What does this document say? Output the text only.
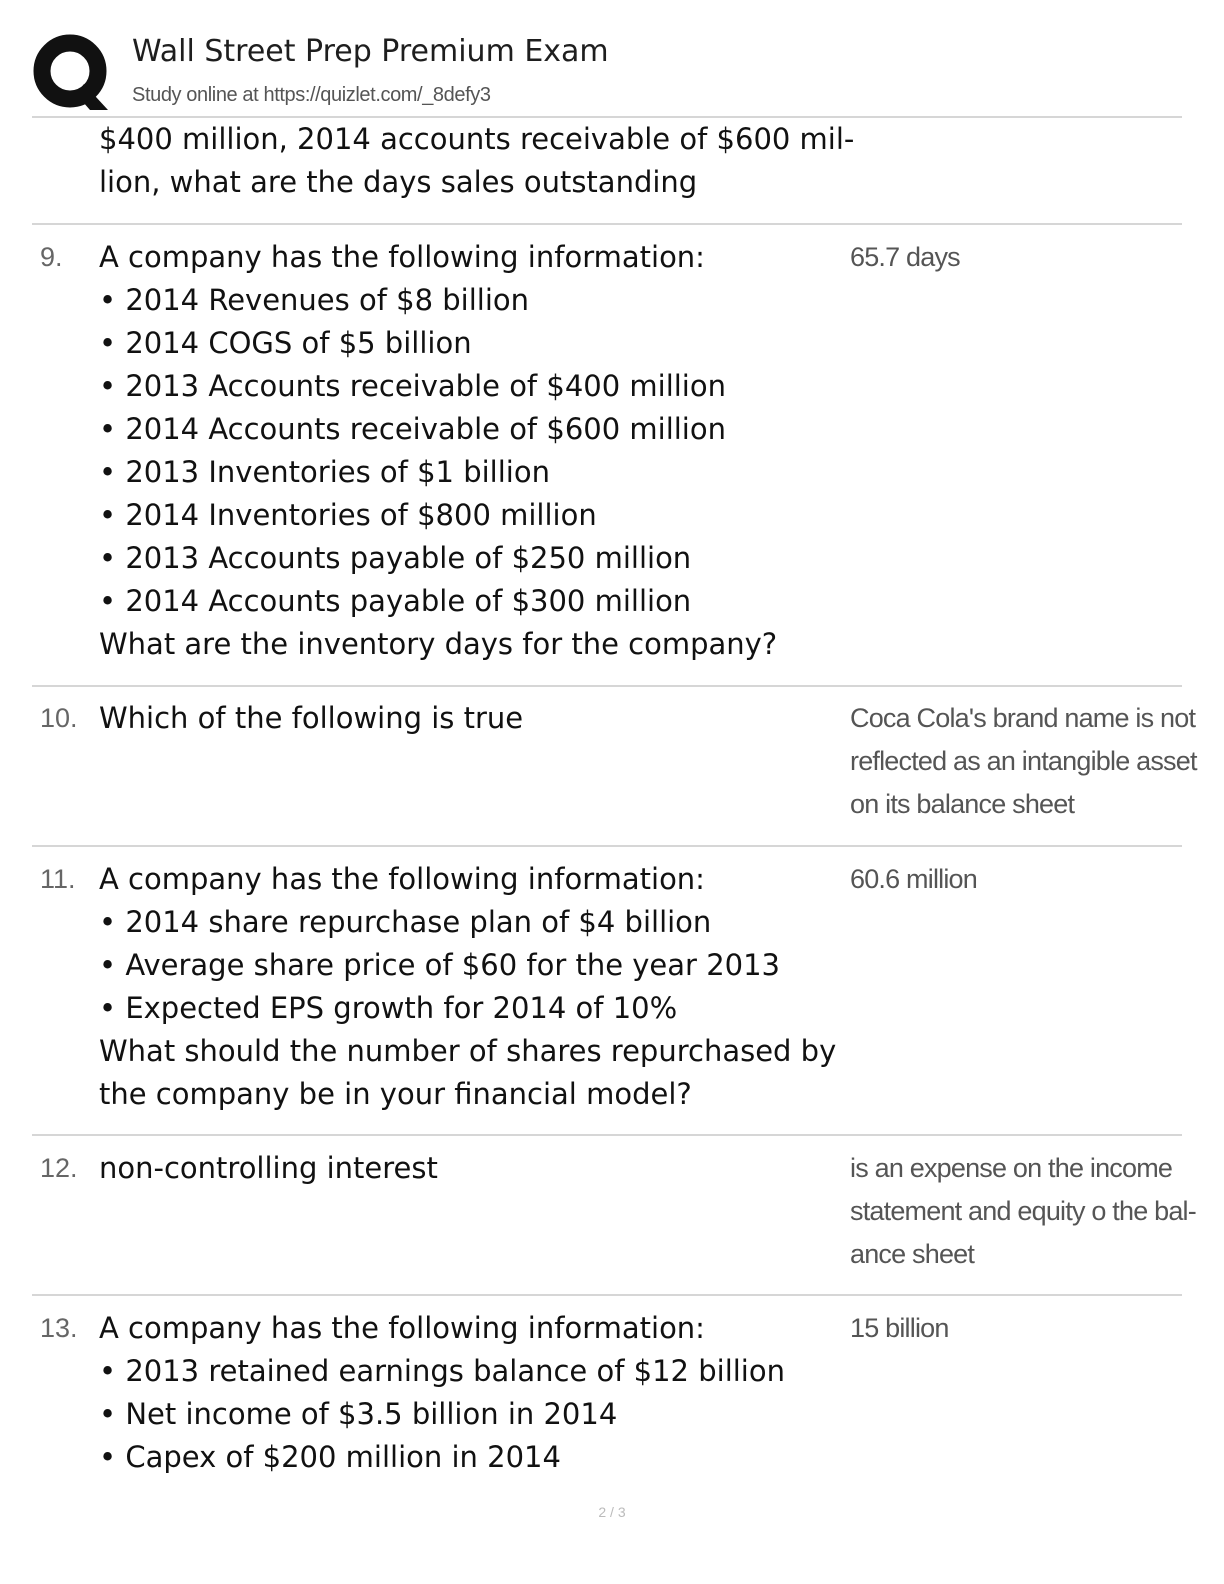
Wall Street Prep Premium Exam
Study online at https://quizlet.com/_8defy3
$400 million, 2014 accounts receivable of $600 mil-
lion, what are the days sales outstanding
9. A company has the following information:
• 2014 Revenues of $8 billion
• 2014 COGS of $5 billion
• 2013 Accounts receivable of $400 million
• 2014 Accounts receivable of $600 million
• 2013 Inventories of $1 billion
• 2014 Inventories of $800 million
• 2013 Accounts payable of $250 million
• 2014 Accounts payable of $300 million
What are the inventory days for the company?
65.7 days
10. Which of the following is true	Coca Cola's brand name is not
reflected as an intangible asset
on its balance sheet
11. A company has the following information:
• 2014 share repurchase plan of $4 billion
• Average share price of $60 for the year 2013
• Expected EPS growth for 2014 of 10%
What should the number of shares repurchased by
the company be in your financial model?
60.6 million
12. non-controlling interest	is an expense on the income
statement and equity o the bal-
ance sheet
13. A company has the following information:
• 2013 retained earnings balance of $12 billion
• Net income of $3.5 billion in 2014
• Capex of $200 million in 2014
15 billion
2 / 3
